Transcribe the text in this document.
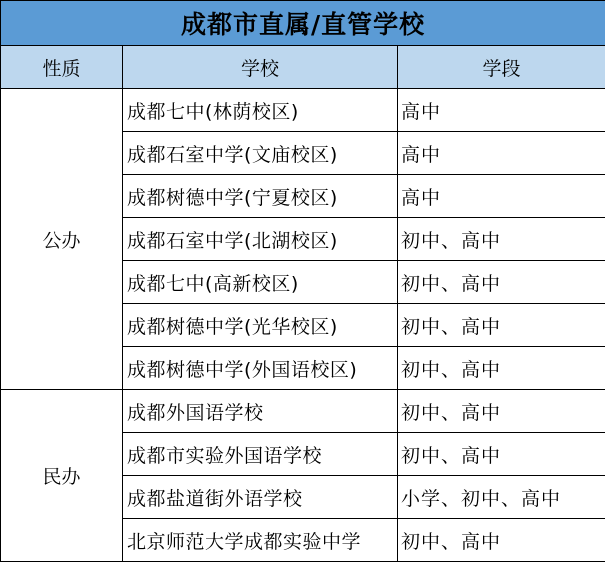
成都市直属/直管学校		
性质	学校	学段
公办	成都七中(林荫校区)	高中
	成都石室中学(文庙校区)	高中
	成都树德中学(宁夏校区)	高中
	成都石室中学(北湖校区)	初中、高中
	成都七中(高新校区)	初中、高中
	成都树德中学(光华校区)	初中、高中
	成都树德中学(外国语校区)	初中、高中
民办	成都外国语学校	初中、高中
	成都市实验外国语学校	初中、高中
	成都盐道街外语学校	小学、初中、高中
	北京师范大学成都实验中学	初中、高中
